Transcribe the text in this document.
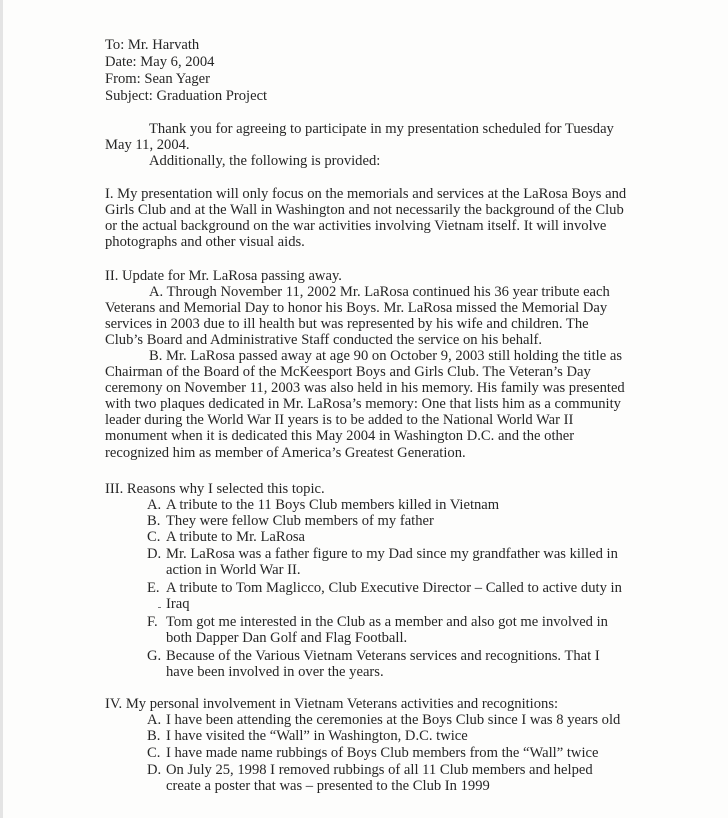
To: Mr. Harvath
Date: May 6, 2004
From: Sean Yager
Subject: Graduation Project
Thank you for agreeing to participate in my presentation scheduled for Tuesday
May 11, 2004.
Additionally, the following is provided:
I. My presentation will only focus on the memorials and services at the LaRosa Boys and
Girls Club and at the Wall in Washington and not necessarily the background of the Club
or the actual background on the war activities involving Vietnam itself. It will involve
photographs and other visual aids.
II. Update for Mr. LaRosa passing away.
A. Through November 11, 2002 Mr. LaRosa continued his 36 year tribute each
Veterans and Memorial Day to honor his Boys. Mr. LaRosa missed the Memorial Day
services in 2003 due to ill health but was represented by his wife and children. The
Club’s Board and Administrative Staff conducted the service on his behalf.
B. Mr. LaRosa passed away at age 90 on October 9, 2003 still holding the title as
Chairman of the Board of the McKeesport Boys and Girls Club. The Veteran’s Day
ceremony on November 11, 2003 was also held in his memory. His family was presented
with two plaques dedicated in Mr. LaRosa’s memory: One that lists him as a community
leader during the World War II years is to be added to the National World War II
monument when it is dedicated this May 2004 in Washington D.C. and the other
recognized him as member of America’s Greatest Generation.
III. Reasons why I selected this topic.
A. A tribute to the 11 Boys Club members killed in Vietnam
B. They were fellow Club members of my father
C. A tribute to Mr. LaRosa
D. Mr. LaRosa was a father figure to my Dad since my grandfather was killed in
action in World War II.
E. A tribute to Tom Maglicco, Club Executive Director – Called to active duty in
Iraq
F. Tom got me interested in the Club as a member and also got me involved in
both Dapper Dan Golf and Flag Football.
G. Because of the Various Vietnam Veterans services and recognitions. That I
have been involved in over the years.
IV. My personal involvement in Vietnam Veterans activities and recognitions:
A. I have been attending the ceremonies at the Boys Club since I was 8 years old
B. I have visited the “Wall” in Washington, D.C. twice
C. I have made name rubbings of Boys Club members from the “Wall” twice
D. On July 25, 1998 I removed rubbings of all 11 Club members and helped
create a poster that was – presented to the Club In 1999
